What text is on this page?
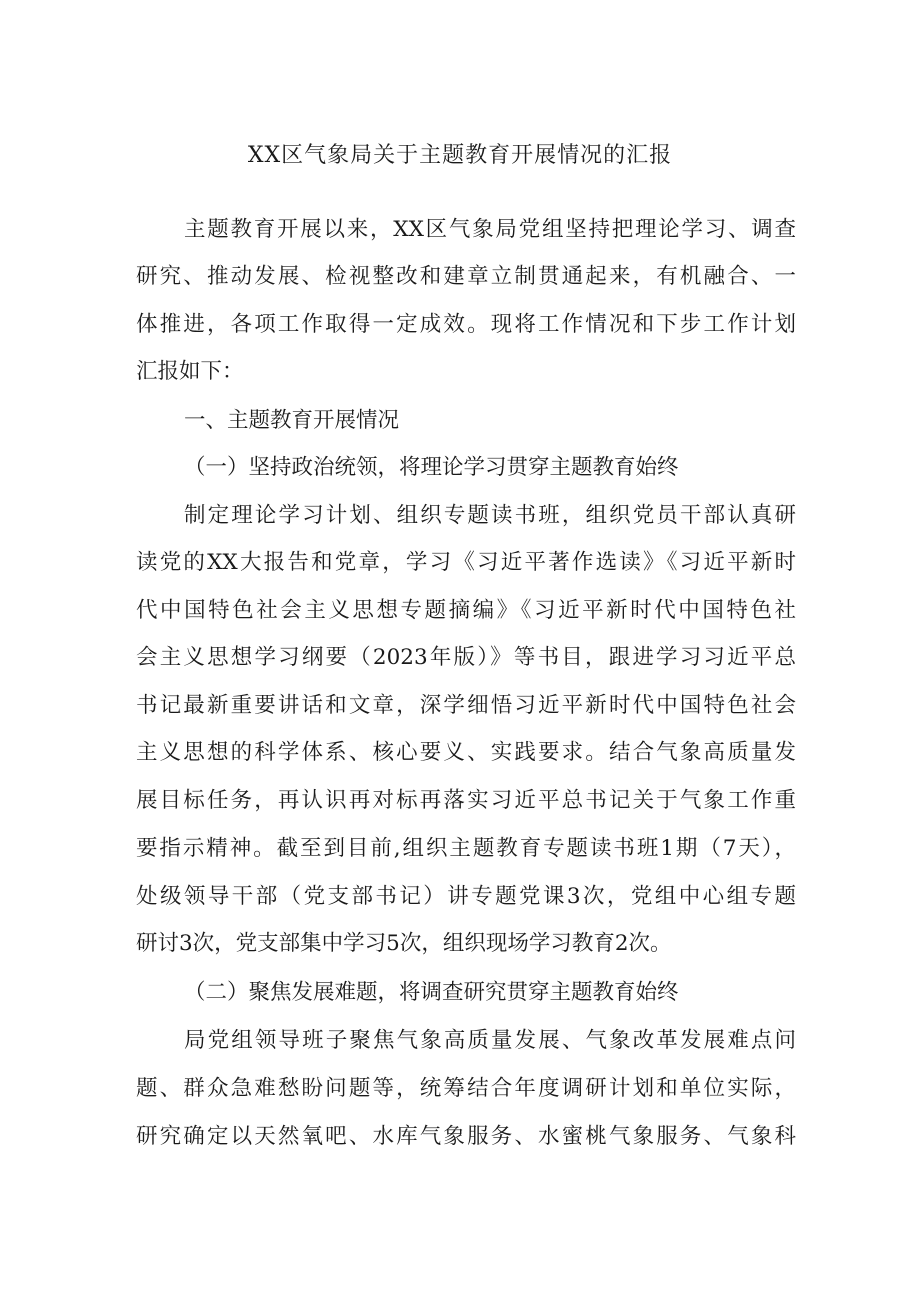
XX区气象局关于主题教育开展情况的汇报
主题教育开展以来，XX区气象局党组坚持把理论学习、调查
研究、推动发展、检视整改和建章立制贯通起来，有机融合、一
体推进，各项工作取得一定成效。现将工作情况和下步工作计划
汇报如下：
一、主题教育开展情况
（一）坚持政治统领，将理论学习贯穿主题教育始终
制定理论学习计划、组织专题读书班，组织党员干部认真研
读党的XX大报告和党章，学习《习近平著作选读》《习近平新时
代中国特色社会主义思想专题摘编》《习近平新时代中国特色社
会主义思想学习纲要（2023年版）》等书目，跟进学习习近平总
书记最新重要讲话和文章，深学细悟习近平新时代中国特色社会
主义思想的科学体系、核心要义、实践要求。结合气象高质量发
展目标任务，再认识再对标再落实习近平总书记关于气象工作重
要指示精神。截至到目前,组织主题教育专题读书班1期（7天），
处级领导干部（党支部书记）讲专题党课3次，党组中心组专题
研讨3次，党支部集中学习5次，组织现场学习教育2次。
（二）聚焦发展难题，将调查研究贯穿主题教育始终
局党组领导班子聚焦气象高质量发展、气象改革发展难点问
题、群众急难愁盼问题等，统筹结合年度调研计划和单位实际，
研究确定以天然氧吧、水库气象服务、水蜜桃气象服务、气象科
